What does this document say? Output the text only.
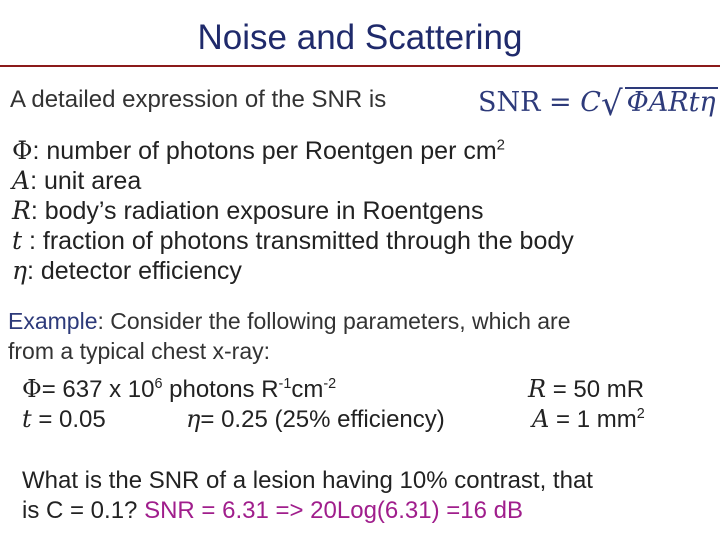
Noise and Scattering
A detailed expression of the SNR is	SNR = C√ ΦARtη
Φ: number of photons per Roentgen per $cm^2$
A: unit area
R: body’s radiation exposure in Roentgens
t : fraction of photons transmitted through the body
η: detector efficiency
Example: Consider the following parameters, which are
from a typical chest x-ray:
Φ= 637 x $10^6$ photons $R^{-1}cm^{-2}$	R = 50 mR
t = 0.05	η= 0.25 (25% efficiency)	A = 1 $mm^2$
What is the SNR of a lesion having 10% contrast, that
is C = 0.1? SNR = 6.31 => 20Log(6.31) =16 dB
